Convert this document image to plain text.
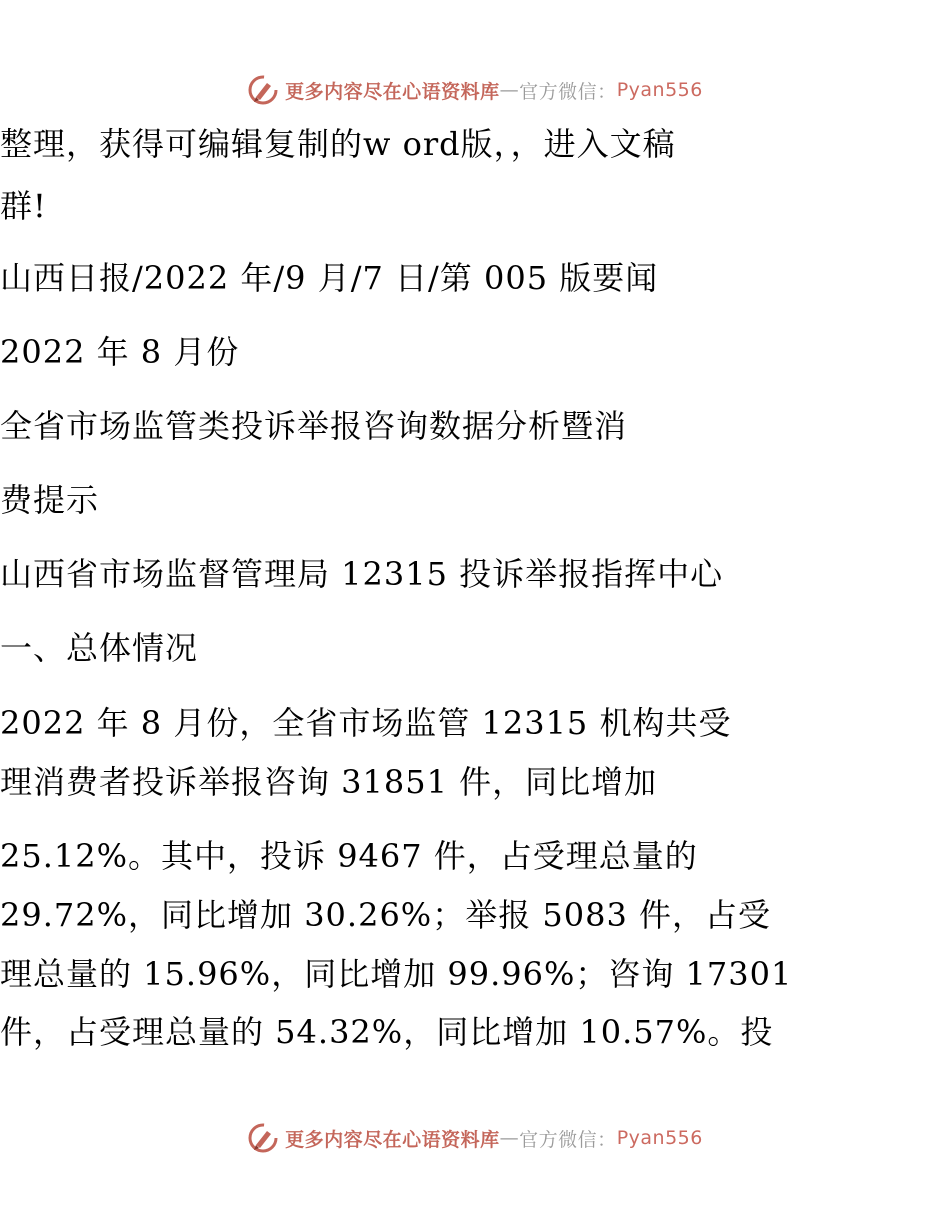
更多内容尽在心语资料库 — 官方微信： Pyan556

整理，获得可编辑复制的w ord版，，进入文稿

群!

山西日报/2022 年/9 月/7 日/第 005 版要闻

2022 年 8 月份

全省市场监管类投诉举报咨询数据分析暨消

费提示

山西省市场监督管理局 12315 投诉举报指挥中心

一、总体情况

2022 年 8 月份，全省市场监管 12315 机构共受

理消费者投诉举报咨询 31851 件，同比增加

25.12%。其中，投诉 9467 件，占受理总量的

29.72%，同比增加 30.26%；举报 5083 件，占受

理总量的 15.96%，同比增加 99.96%；咨询 17301

件，占受理总量的 54.32%，同比增加 10.57%。投

更多内容尽在心语资料库 — 官方微信： Pyan556
